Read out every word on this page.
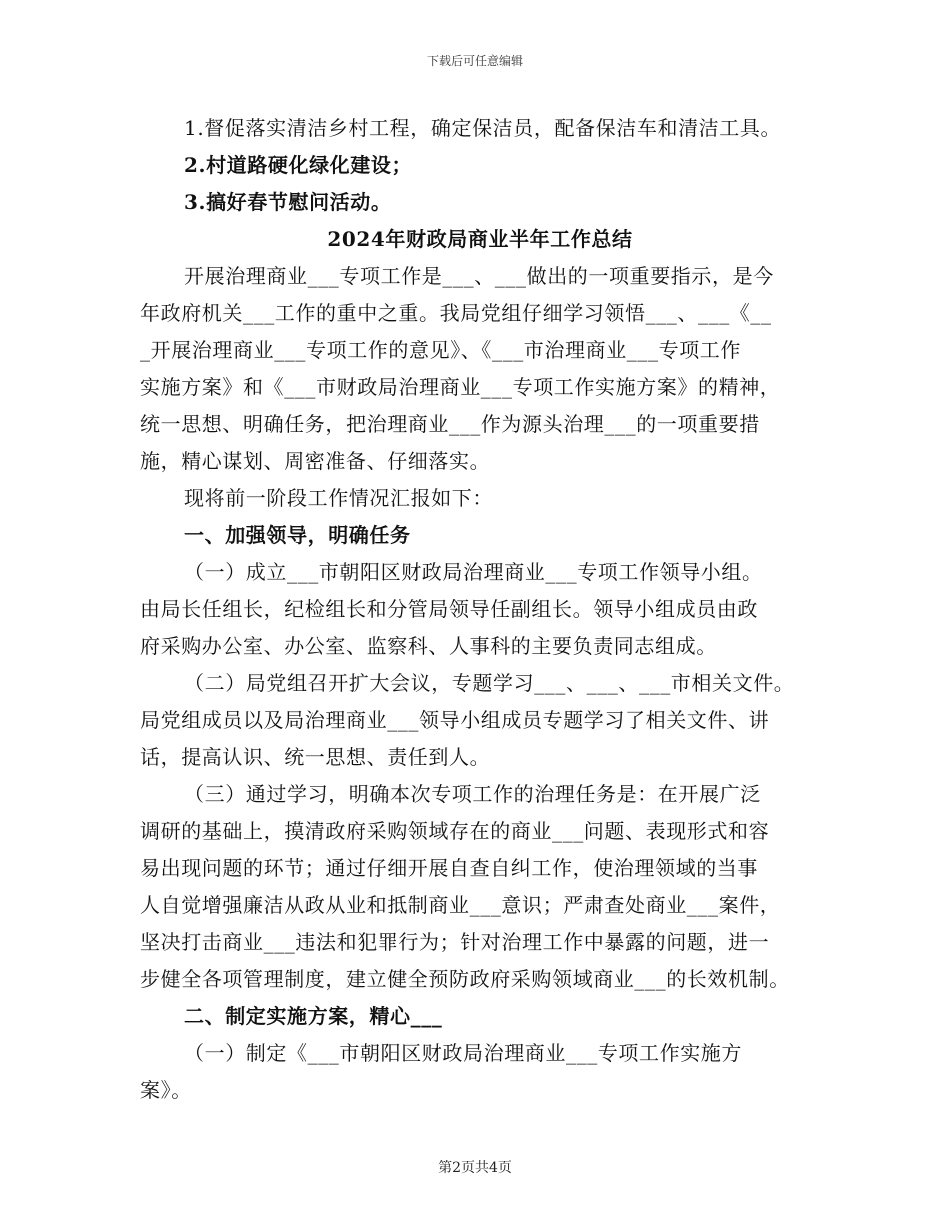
下载后可任意编辑
1.督促落实清洁乡村工程，确定保洁员，配备保洁车和清洁工具。
2.村道路硬化绿化建设；
3.搞好春节慰问活动。
2024年财政局商业半年工作总结
开展治理商业___专项工作是___、___做出的一项重要指示，是今
年政府机关___工作的重中之重。我局党组仔细学习领悟___、___《__
_开展治理商业___专项工作的意见》、《___市治理商业___专项工作
实施方案》和《___市财政局治理商业___专项工作实施方案》的精神，
统一思想、明确任务，把治理商业___作为源头治理___的一项重要措
施，精心谋划、周密准备、仔细落实。
现将前一阶段工作情况汇报如下：
一、加强领导，明确任务
（一）成立___市朝阳区财政局治理商业___专项工作领导小组。
由局长任组长，纪检组长和分管局领导任副组长。领导小组成员由政
府采购办公室、办公室、监察科、人事科的主要负责同志组成。
（二）局党组召开扩大会议，专题学习___、___、___市相关文件。
局党组成员以及局治理商业___领导小组成员专题学习了相关文件、讲
话，提高认识、统一思想、责任到人。
（三）通过学习，明确本次专项工作的治理任务是：在开展广泛
调研的基础上，摸清政府采购领域存在的商业___问题、表现形式和容
易出现问题的环节；通过仔细开展自查自纠工作，使治理领域的当事
人自觉增强廉洁从政从业和抵制商业___意识；严肃查处商业___案件，
坚决打击商业___违法和犯罪行为；针对治理工作中暴露的问题，进一
步健全各项管理制度，建立健全预防政府采购领域商业___的长效机制。
二、制定实施方案，精心___
（一）制定《___市朝阳区财政局治理商业___专项工作实施方
案》。
第2页共4页
